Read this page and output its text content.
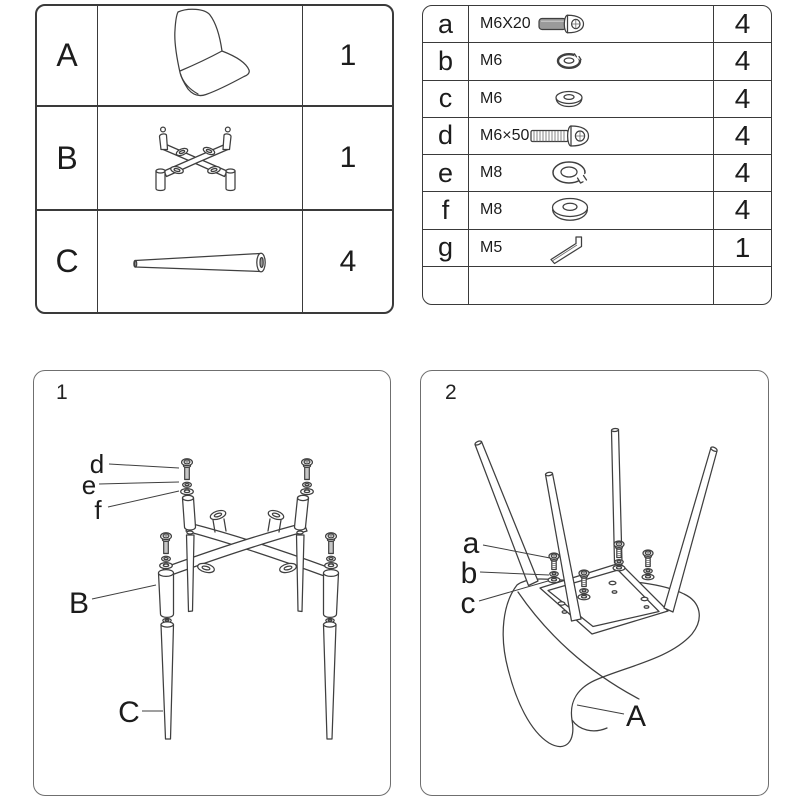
A	1
B	1
C	4
a M6X20	4
b M6	4
c M6	4
d M6×50	4
e M8	4
f M8	4
g M5	1
1
d
e
f
B
C
2
a
b
c
A
